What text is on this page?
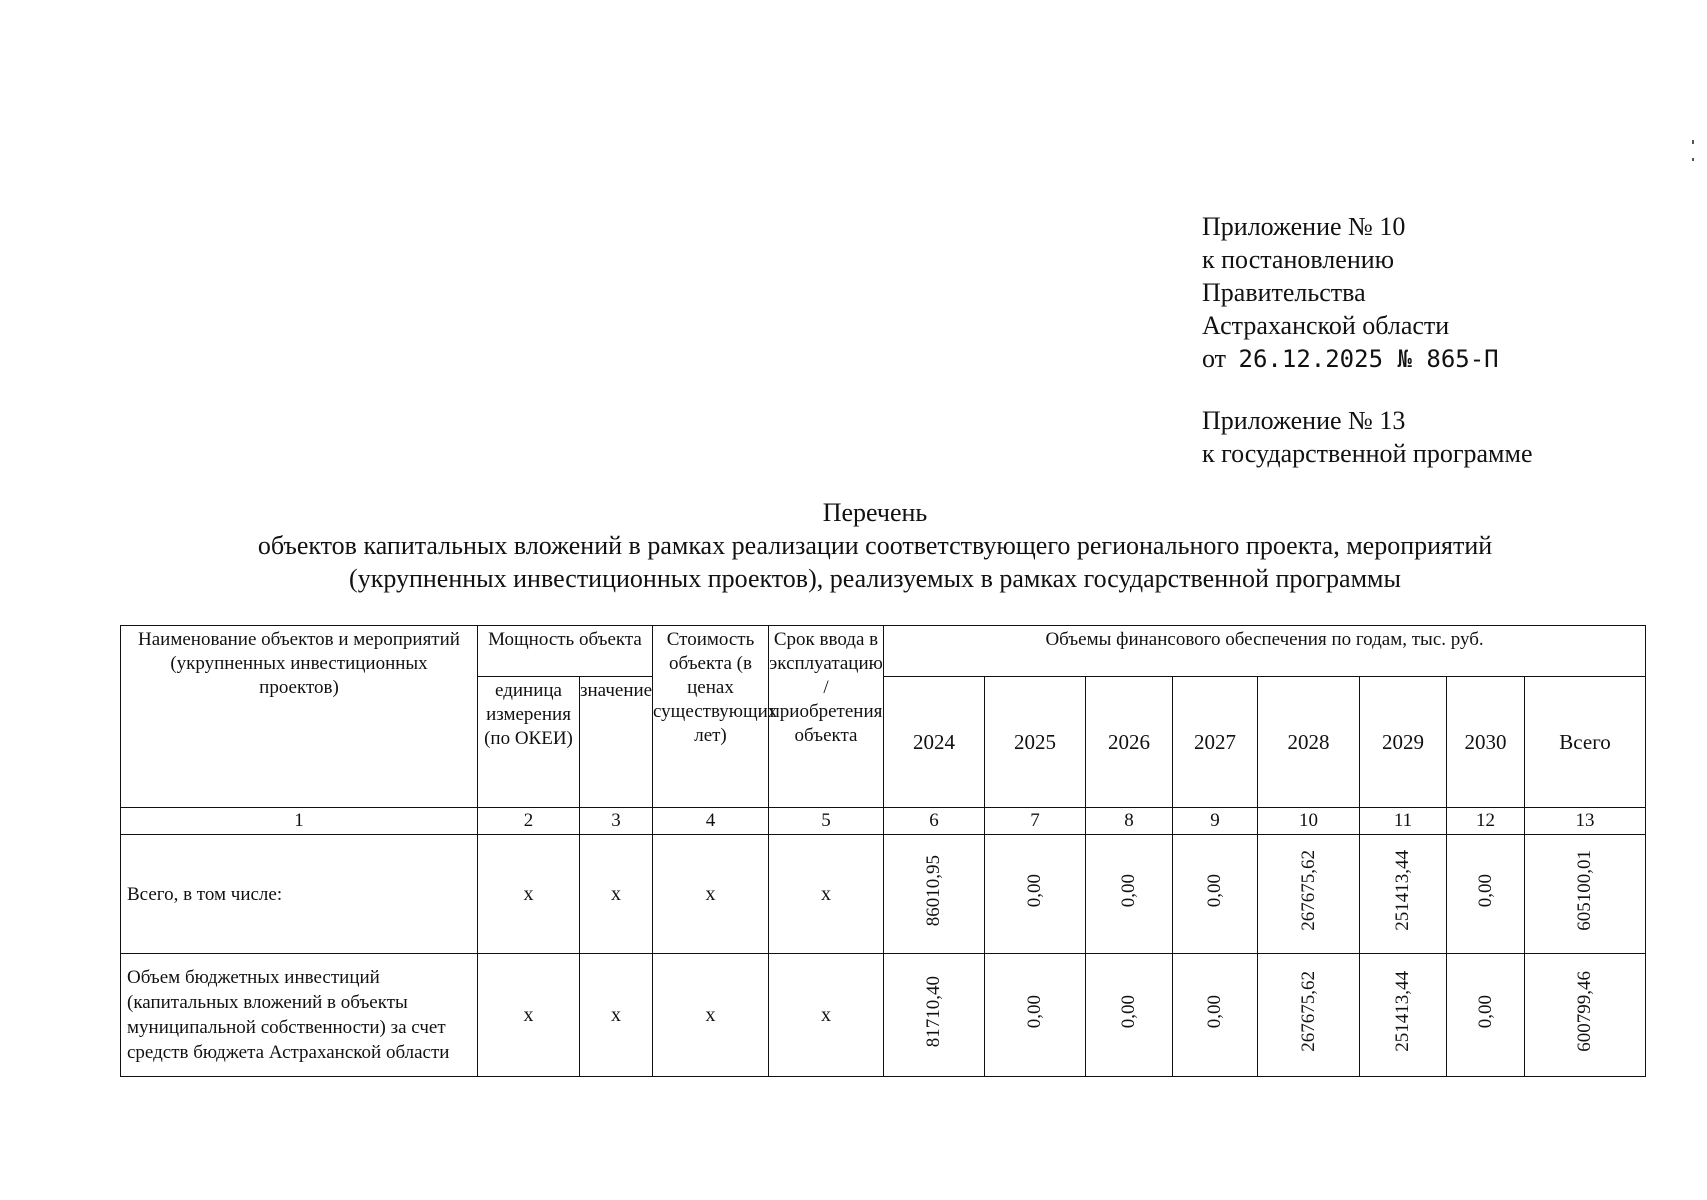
Приложение № 10
к постановлению
Правительства
Астраханской области
от 26.12.2025 № 865-П
Приложение № 13
к государственной программе
Перечень
объектов капитальных вложений в рамках реализации соответствующего регионального проекта, мероприятий
(укрупненных инвестиционных проектов), реализуемых в рамках государственной программы
Наименование объектов и мероприятий (укрупненных инвестиционных проектов)	Мощность объекта		Стоимость объекта (в ценах существующих лет)	Срок ввода в эксплуатацию / приобретения объекта	Объемы финансового обеспечения по годам, тыс. руб.							
	единица измерения (по ОКЕИ)	значение			2024	2025	2026	2027	2028	2029	2030	Всего
1	2	3	4	5	6	7	8	9	10	11	12	13
Всего, в том числе:	x	x	x	x	86010,95	0,00	0,00	0,00	267675,62	251413,44	0,00	605100,01
Объем бюджетных инвестиций (капитальных вложений в объекты муниципальной собственности) за счет средств бюджета Астраханской области	x	x	x	x	81710,40	0,00	0,00	0,00	267675,62	251413,44	0,00	600799,46
